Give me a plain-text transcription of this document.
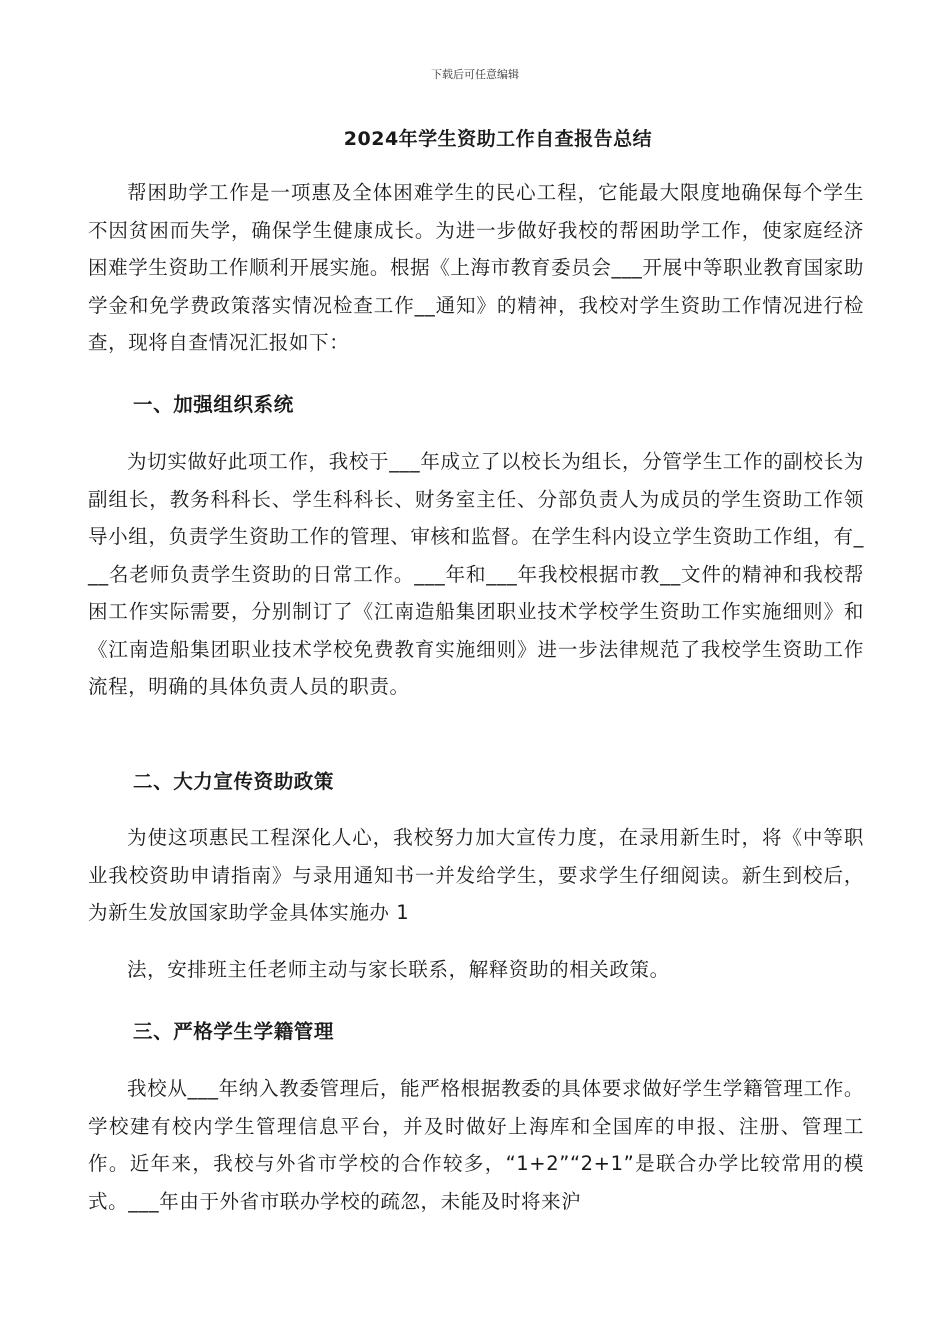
下载后可任意编辑
2024年学生资助工作自查报告总结

帮困助学工作是一项惠及全体困难学生的民心工程，它能最大限度地确保每个学生不因贫困而失学，确保学生健康成长。为进一步做好我校的帮困助学工作，使家庭经济困难学生资助工作顺利开展实施。根据《上海市教育委员会___开展中等职业教育国家助学金和免学费政策落实情况检查工作__通知》的精神，我校对学生资助工作情况进行检查，现将自查情况汇报如下：

一、加强组织系统

为切实做好此项工作，我校于___年成立了以校长为组长，分管学生工作的副校长为副组长，教务科科长、学生科科长、财务室主任、分部负责人为成员的学生资助工作领导小组，负责学生资助工作的管理、审核和监督。在学生科内设立学生资助工作组，有___名老师负责学生资助的日常工作。___年和___年我校根据市教__文件的精神和我校帮困工作实际需要，分别制订了《江南造船集团职业技术学校学生资助工作实施细则》和《江南造船集团职业技术学校免费教育实施细则》进一步法律规范了我校学生资助工作流程，明确的具体负责人员的职责。

二、大力宣传资助政策

为使这项惠民工程深化人心，我校努力加大宣传力度，在录用新生时，将《中等职业我校资助申请指南》与录用通知书一并发给学生，要求学生仔细阅读。新生到校后，为新生发放国家助学金具体实施办 1

法，安排班主任老师主动与家长联系，解释资助的相关政策。

三、严格学生学籍管理

我校从___年纳入教委管理后，能严格根据教委的具体要求做好学生学籍管理工作。学校建有校内学生管理信息平台，并及时做好上海库和全国库的申报、注册、管理工作。近年来，我校与外省市学校的合作较多，“1+2”“2+1”是联合办学比较常用的模式。___年由于外省市联办学校的疏忽，未能及时将来沪
